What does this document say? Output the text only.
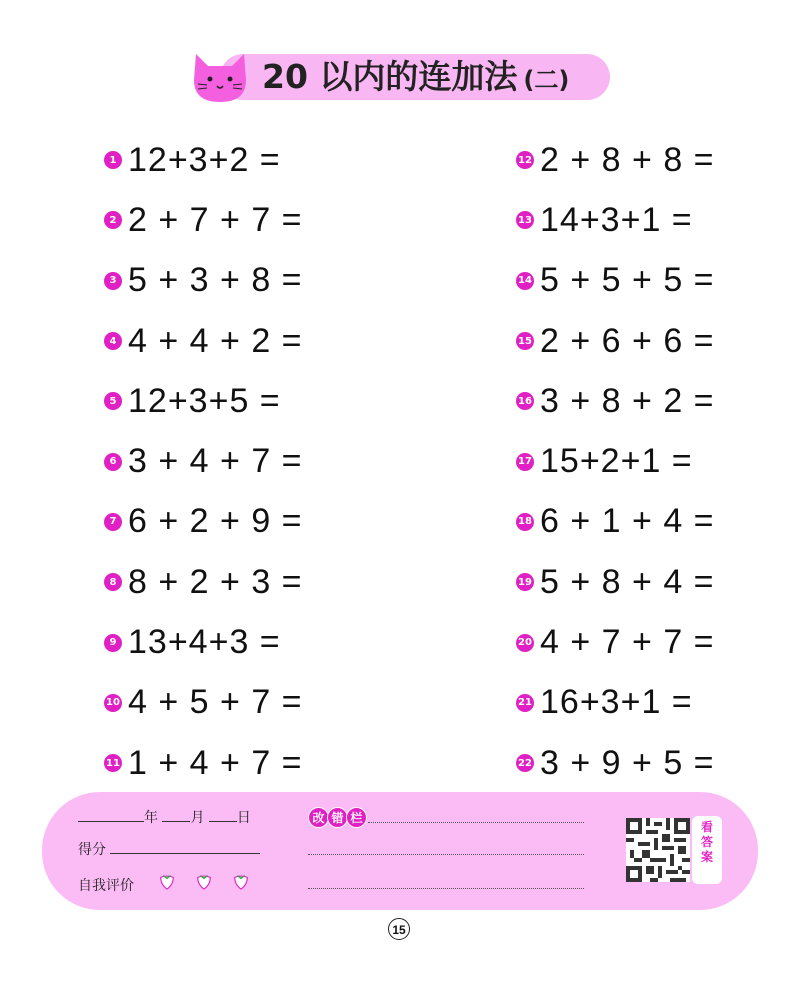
20 以内的连加法 (二)
1 12+3+2 =
2 2 + 7 + 7 =
3 5 + 3 + 8 =
4 4 + 4 + 2 =
5 12+3+5 =
6 3 + 4 + 7 =
7 6 + 2 + 9 =
8 8 + 2 + 3 =
9 13+4+3 =
10 4 + 5 + 7 =
11 1 + 4 + 7 =
12 2 + 8 + 8 =
13 14+3+1 =
14 5 + 5 + 5 =
15 2 + 6 + 6 =
16 3 + 8 + 2 =
17 15+2+1 =
18 6 + 1 + 4 =
19 5 + 8 + 4 =
20 4 + 7 + 7 =
21 16+3+1 =
22 3 + 9 + 5 =
年 月 日
得分
自我评价
改 错 栏
看
答
案
15
